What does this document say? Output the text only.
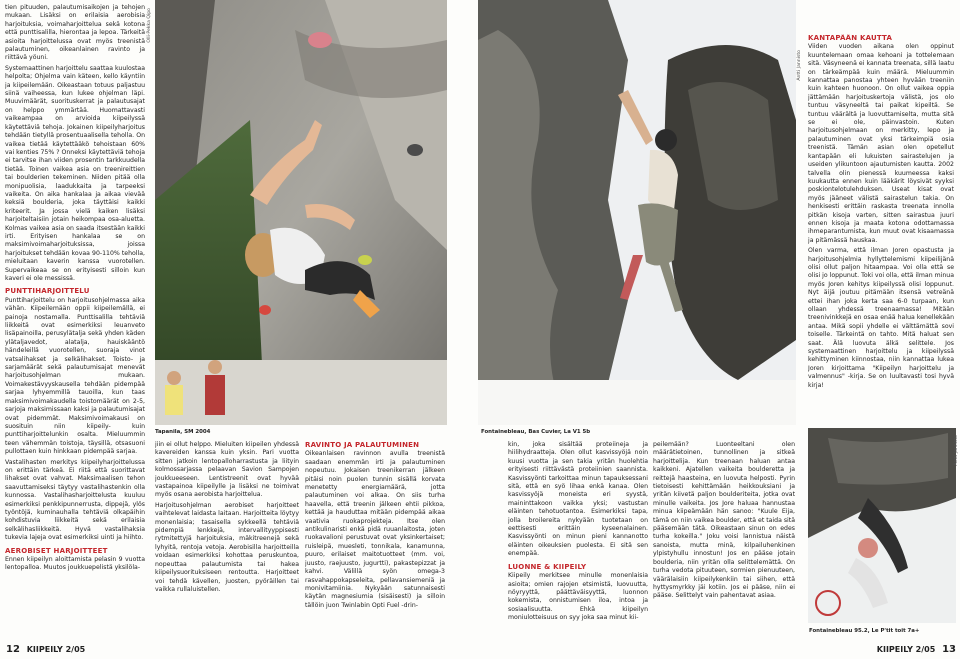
tien pituuden, palautumisaikojen ja tehojen mukaan. Lisäksi on erilaisia aerobisia harjoituksia, voimaharjoittelua sekä kotona että punttisalilla, hierontaa ja lepoa. Tärkeitä asioita harjoittelussa ovat myös treenistä palautuminen, oikeanlainen ravinto ja riittävä yöuni.

Systemaattinen harjoittelu saattaa kuulostaa helpolta; Ohjelma vain käteen, kello käyntiin ja kiipeilemään. Oikeastaan totuus paljastuu siinä vaiheessa, kun lukee ohjelman läpi. Muuvimäärät, suorituskerrat ja palautusajat on helppo ymmärtää. Huomattavasti vaikeampaa on arvioida kiipeilyssä käytettäviä tehoja. Jokainen kiipeilyharjoitus tehdään tietyllä prosentuaalisella teholla. On vaikea tietää käytettääkö tehoistaan 60% vai kenties 75% ? Onneksi käytettäviä tehoja ei tarvitse ihan viiden prosentin tarkkuudella tietää. Toinen vaikea asia on treenireittien tai boulderien tekeminen. Niiden pitää olla monipuolisia, laadukkaita ja tarpeeksi vaikeita. On aika hankalaa ja aikaa vievää keksiä boulderia, joka täyttäisi kaikki kriteerit. Ja jossa vielä kaiken lisäksi harjoiteltaisiin jotain heikompaa osa-aluetta. Kolmas vaikea asia on saada itsestään kaikki irti. Erityisen hankalaa se on maksimivoimaharjoituksissa, joissa harjoitukset tehdään kovaa 90-110% teholla, mieluitaan kaverin kanssa vuorotellen. Supervaikeaa se on erityisesti silloin kun kaveri ei ole messissä.

PUNTTIHARJOITTELU

Punttiharjoittelu on harjoitusohjelmassa aika vähän. Kiipeilemään oppii kiipeilemällä, ei painoja nostamalla. Punttisalilla tehtäviä liikkeitä ovat esimerkiksi leuanveto lisäpainoilla, perusylätalja sekä yhden käden ylätaljavedot, alatalja, hauiskääntö händeleillä vuorotellen, suoraja vinot vatsalihakset ja selkälihakset. Toisto- ja sarjamäärät sekä palautumisajat menevät harjoitusohjelman mukaan. Voimakestävyyskausella tehdään pidempää sarjaa lyhyemmillä tauoilla, kun taas maksimivoimakaudella toistomäärät on 2-5, sarjoja maksimissaan kaksi ja palautumisajat ovat pidemmät. Maksimivoimakausi on suosituin niin kiipeily- kuin punttiharjoittelunkin osalta. Mieluummin teen vähemmän toistoja, täysillä, otsasuoni pullottaen kuin hinkkaan pidempää sarjaa.

Vastalihasten merkitys kiipeilyharjoittelussa on erittäin tärkeä. Ei riitä että suorittavat lihakset ovat vahvat. Maksimaalisen tehon saavuttamiseksi täytyy vastalihastenkin olla kunnossa. Vastalihasharjoittelusta kuuluu esimerkiksi penkkipunnerrusta, dippejä, ylös työntöjä, kuminauhalla tehtäviä olkapäihin kohdistuvia liikkeitä sekä erilaisia selkälihasliikkeitä. Hyvä vastalihaksia tukevia lajeja ovat esimerkiksi uinti ja hiihto.

AEROBISET HARJOITTEET

Ennen kiipeilyn aloittamista pelasin 9 vuotta lentopalloa. Muutos joukkuepelistä yksilöla-

Olli-Pekka Qipo
Tapanila, SM 2004

jiin ei ollut helppo. Mieluiten kiipeilen yhdessä kavereiden kanssa kuin yksin. Pari vuotta sitten jatkoin lentopalloharrastusta ja liityin kolmossarjassa pelaavan Savion Sampojen joukkueeseen. Lentistreenit ovat hyvää vastapainoa kiipeilylle ja lisäksi ne toimivat myös osana aerobista harjoittelua.

Harjoitusohjelman aerobiset harjoitteet vaihtelevat laidasta laitaan. Harjoitteita löytyy monenlaisia; tasaisella sykkeellä tehtäviä pidempiä lenkkejä, intervallityyppisesti rytmitettyjä harjoituksia, mäkitreenejä sekä lyhyitä, rentoja vetoja. Aerobisilla harjoitteilla voidaan esimerkiksi kohottaa peruskuntoa, nopeuttaa palautumista tai hakea kiipeilysuorituksiseen rentoutta. Harjoitteet voi tehdä kävellen, juosten, pyöräillen tai vaikka rullaluistellen.

RAVINTO JA PALAUTUMINEN

Oikeanlaisen ravinnon avulla treenistä saadaan enemmän irti ja palautuminen nopeutuu. Jokaisen treenikerran jälkeen pitäisi noin puolen tunnin sisällä korvata menetetty energiamäärä, jotta palautuminen voi alkaa. On siis turha haavella, että treenin jälkeen ehtii pikkoa, kettää ja hauduttaa mitään pidempää aikaa vaativia ruokaprojekteja. Itse olen antikulinaristi enkä pidä ruuanlaitosta, joten ruokavalioni perustuvat ovat yksinkertaiset; ruisleipä, muesleti, tonnikala, kanamunna, puuro, erilaiset maitotuotteet (mm. voi, juusto, raejuusto, jugurtti), pakastepizzat ja kahvi. Välillä syön omega-3 rasvahappokapseleita, pellavansiemeniä ja monivitamiinia. Nykyään satunnaisesti käytän magnesiumia (sisäisesti) ja silloin tällöin juon Twinlabin Opti Fuel -drin-

12 KIIPEILY 2/05
Antti Jannisto
Fontainebleau, Bas Cuvier, La V1 5b

kin, joka sisältää proteiineja ja hiilihydraatteja. Olen ollut kasvissyöjä noin kuusi vuotta ja sen takia yritän huolehtia erityisesti riittävästä proteiinien saannista. Kasvissyönti tarkoittaa minun tapauksessani sitä, että en syö lihaa enkä kanaa. Olen kasvissyöjä moneista eri syystä, maininttakoon vaikka yksi; vastustan eläinten tehotuotantoa. Esimerkiksi tapa, jolla broilereita nykyään tuotetaan on eettisesti erittäin kyseenalainen. Kasvissyönti on minun pieni kannanotto eläinten oikeuksien puolesta. Ei sitä sen enempää.

LUONNE & KIIPEILY

Kiipeily merkitsee minulle monenlaisia asioita; omien rajojen etsimistä, luovuutta, nöyryyttä, päättäväisyyttä, luonnon kokemista, onnistumisen iloa, intoa ja sosiaalisuutta. Ehkä kiipeilyn moniulotteisuus on syy joka saa minut kii-

peilemään? Luonteeltani olen määrätietoinen, tunnollinen ja sitkeä harjoittelija. Kun treenaan haluan antaa kaikkeni. Ajatellen vaikeita boulderetta ja reittejä haasteina, en luovuta helposti. Pyrin tietoisesti kehittämään heikkouksiani ja yritän kiivetä paljon boulderiteita, jotka ovat minulle vaikeita. Jos Jore haluaa hannustaa minua kiipeämään hän sanoo: "Kuule Eija, tämä on niin vaikea boulder, että et taida sitä pääsemään tätä. Oikeastaan sinun on edes turha kokeilla." Joku voisi lannistua näistä sanoista, mutta minä, kilpailuhenkinen ylpistyhullu innostun! Jos en pääse jotain boulderia, niin yritän olla selittelemättä. On turha vedota pituuteen, sormien pienuuteen, väärälaisiin kiipeilykenkiin tai siihen, että hyttysmyrkky jäi kotiin. Jos ei pääse, niin ei pääse. Selittelyt vain pahentavat asiaa.

KANTAPÄÄN KAUTTA

Viiden vuoden aikana olen oppinut kuuntelemaan omaa kehoani ja tottelemaan sitä. Väsyneenä ei kannata treenata, sillä laatu on tärkeämpää kuin määrä. Mieluummin kannattaa panostaa yhteen hyvään treeniin kuin kahteen huonoon. On ollut vaikea oppia jättämään harjoituskertoja välistä, jos olo tuntuu väsyneeltä tai paikat kipeiltä. Se tuntuu väärältä ja luovuttamiselta, mutta sitä se ei ole, päinvastoin. Kuten harjoitusohjelmaan on merkitty, lepo ja palautuminen ovat yksi tärkeimpiä osia treenistä. Tämän asian olen opetellut kantapään eli lukuisten sairastelujen ja useiden ylikuntoon ajautumisten kautta. 2002 talvella olin pienessä kuumeessa kaksi kuukautta ennen kuin lääkärit löysivät syyksi poskiontelotulehduksen. Useat kisat ovat myös jääneet välistä sairastelun takia. On henkisesti erittäin raskasta treenata innolla pitkän kisoja varten, sitten sairastua juuri ennen kisoja ja maata kotona odottamassa ihmeparantumista, kun muut ovat kisaamassa ja pitämässä hauskaa.

Olen varma, että ilman Joren opastusta ja harjoitusohjelmia hyllyttelemismi kiipeilijänä olisi ollut paljon hitaampaa. Voi olla että se olisi jo loppunut. Toki voi olla, että ilman minua myös Joren kehitys kiipeilyssä olisi loppunut. Nyt äijä joutuu pitämään itsensä vetreänä ettei ihan joka kerta saa 6-0 turpaan, kun ollaan yhdessä treenaamassa! Mitään treenivinkkejä en osaa enää halua kenellekään antaa. Mikä sopii yhdelle ei välttämättä sovi toiselle. Tärkeintä on tahto. Mitä haluat sen saat. Älä luovuta älkä selittele. Jos systemaattinen harjoittelu ja kiipeilyssä kehittyminen kiinnostaa, niin kannattaa lukea Joren kirjoittama "Kiipeilyn harjoittelu ja valmennus" -kirja. Se on luultavasti tosi hyvä kirja!

Antti Jannisto
Fontainebleau 95.2, Le P'tit toit 7a+
KIIPEILY 2/05 13
